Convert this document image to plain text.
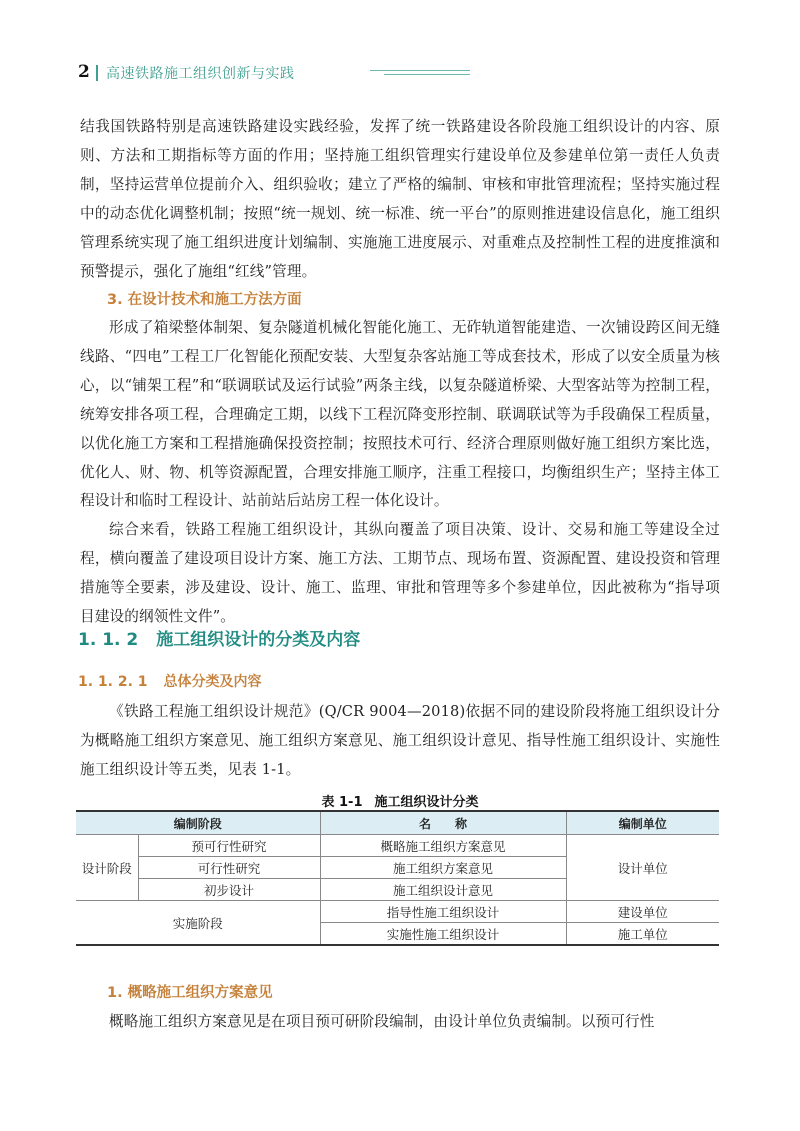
2 高速铁路施工组织创新与实践

结我国铁路特别是高速铁路建设实践经验，发挥了统一铁路建设各阶段施工组织设计的内容、原则、方法和工期指标等方面的作用；坚持施工组织管理实行建设单位及参建单位第一责任人负责制，坚持运营单位提前介入、组织验收；建立了严格的编制、审核和审批管理流程；坚持实施过程中的动态优化调整机制；按照“统一规划、统一标准、统一平台”的原则推进建设信息化，施工组织管理系统实现了施工组织进度计划编制、实施施工进度展示、对重难点及控制性工程的进度推演和预警提示，强化了施组“红线”管理。

3. 在设计技术和施工方法方面

形成了箱梁整体制架、复杂隧道机械化智能化施工、无砟轨道智能建造、一次铺设跨区间无缝线路、“四电”工程工厂化智能化预配安装、大型复杂客站施工等成套技术，形成了以安全质量为核心，以“铺架工程”和“联调联试及运行试验”两条主线，以复杂隧道桥梁、大型客站等为控制工程，统筹安排各项工程，合理确定工期，以线下工程沉降变形控制、联调联试等为手段确保工程质量，以优化施工方案和工程措施确保投资控制；按照技术可行、经济合理原则做好施工组织方案比选，优化人、财、物、机等资源配置，合理安排施工顺序，注重工程接口，均衡组织生产；坚持主体工程设计和临时工程设计、站前站后站房工程一体化设计。

综合来看，铁路工程施工组织设计，其纵向覆盖了项目决策、设计、交易和施工等建设全过程，横向覆盖了建设项目设计方案、施工方法、工期节点、现场布置、资源配置、建设投资和管理措施等全要素，涉及建设、设计、施工、监理、审批和管理等多个参建单位，因此被称为“指导项目建设的纲领性文件”。

1. 1. 2 施工组织设计的分类及内容
1. 1. 2. 1 总体分类及内容

《铁路工程施工组织设计规范》(Q/CR 9004—2018)依据不同的建设阶段将施工组织设计分为概略施工组织方案意见、施工组织方案意见、施工组织设计意见、指导性施工组织设计、实施性施工组织设计等五类，见表 1-1。

表 1-1 施工组织设计分类
编制阶段		名　　称	编制单位
设计阶段	预可行性研究	概略施工组织方案意见	设计单位
	可行性研究	施工组织方案意见	
	初步设计	施工组织设计意见	
实施阶段		指导性施工组织设计	建设单位
		实施性施工组织设计	施工单位
1. 概略施工组织方案意见

概略施工组织方案意见是在项目预可研阶段编制，由设计单位负责编制。以预可行性
